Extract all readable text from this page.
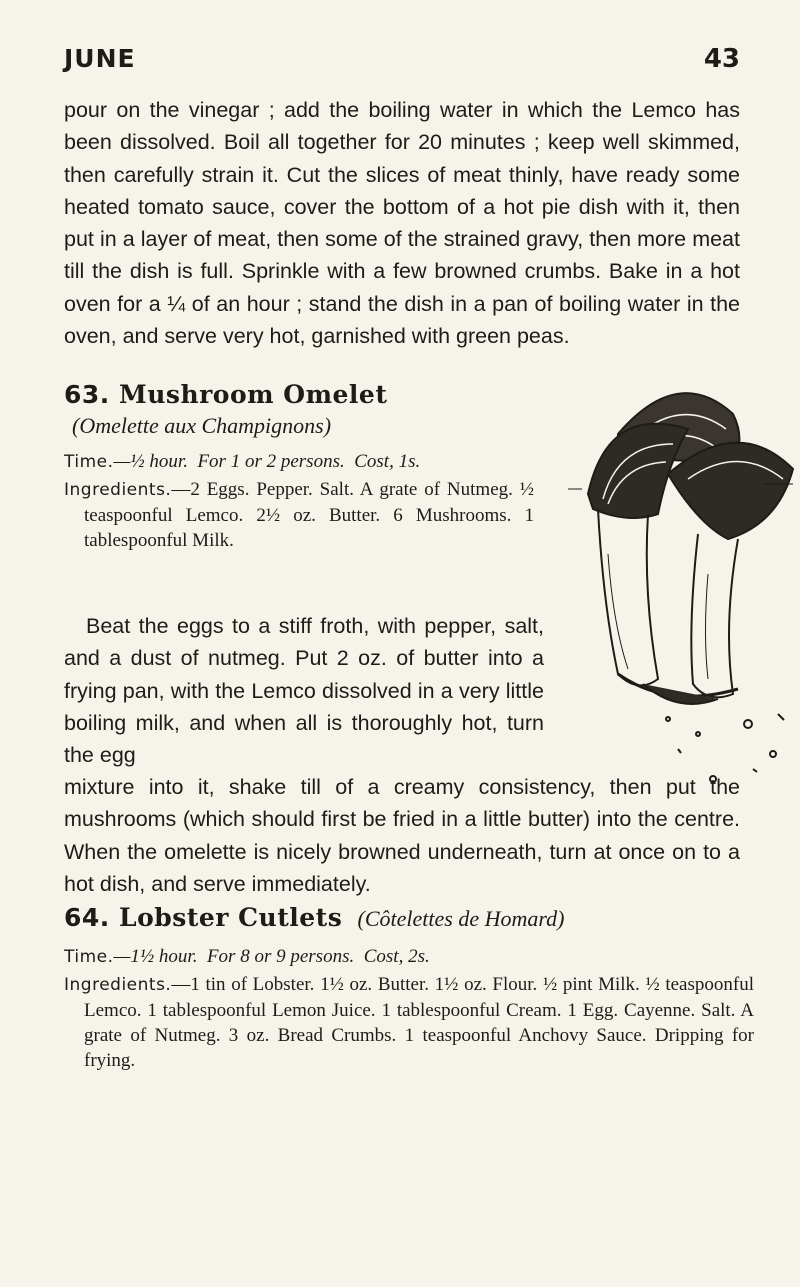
JUNE	43

pour on the vinegar ; add the boiling water in which the Lemco has been dissolved. Boil all together for 20 minutes ; keep well skimmed, then carefully strain it. Cut the slices of meat thinly, have ready some heated tomato sauce, cover the bottom of a hot pie dish with it, then put in a layer of meat, then some of the strained gravy, then more meat till the dish is full. Sprinkle with a few browned crumbs. Bake in a hot oven for a ¼ of an hour ; stand the dish in a pan of boiling water in the oven, and serve very hot, garnished with green peas.

63. Mushroom Omelet
(Omelette aux Champignons)
Time.—½ hour. For 1 or 2 persons. Cost, 1s.
Ingredients.—2 Eggs. Pepper. Salt. A grate of Nutmeg. ½ teaspoonful Lemco. 2½ oz. Butter. 6 Mushrooms. 1 tablespoonful Milk.

Beat the eggs to a stiff froth, with pepper, salt, and a dust of nutmeg. Put 2 oz. of butter into a frying pan, with the Lemco dissolved in a very little boiling milk, and when all is thoroughly hot, turn the egg

mixture into it, shake till of a creamy consistency, then put the mushrooms (which should first be fried in a little butter) into the centre. When the omelette is nicely browned underneath, turn at once on to a hot dish, and serve immediately.

64. Lobster Cutlets (Côtelettes de Homard)
Time.—1½ hour. For 8 or 9 persons. Cost, 2s.
Ingredients.—1 tin of Lobster. 1½ oz. Butter. 1½ oz. Flour. ½ pint Milk. ½ teaspoonful Lemco. 1 tablespoonful Lemon Juice. 1 tablespoonful Cream. 1 Egg. Cayenne. Salt. A grate of Nutmeg. 3 oz. Bread Crumbs. 1 teaspoonful Anchovy Sauce. Dripping for frying.
